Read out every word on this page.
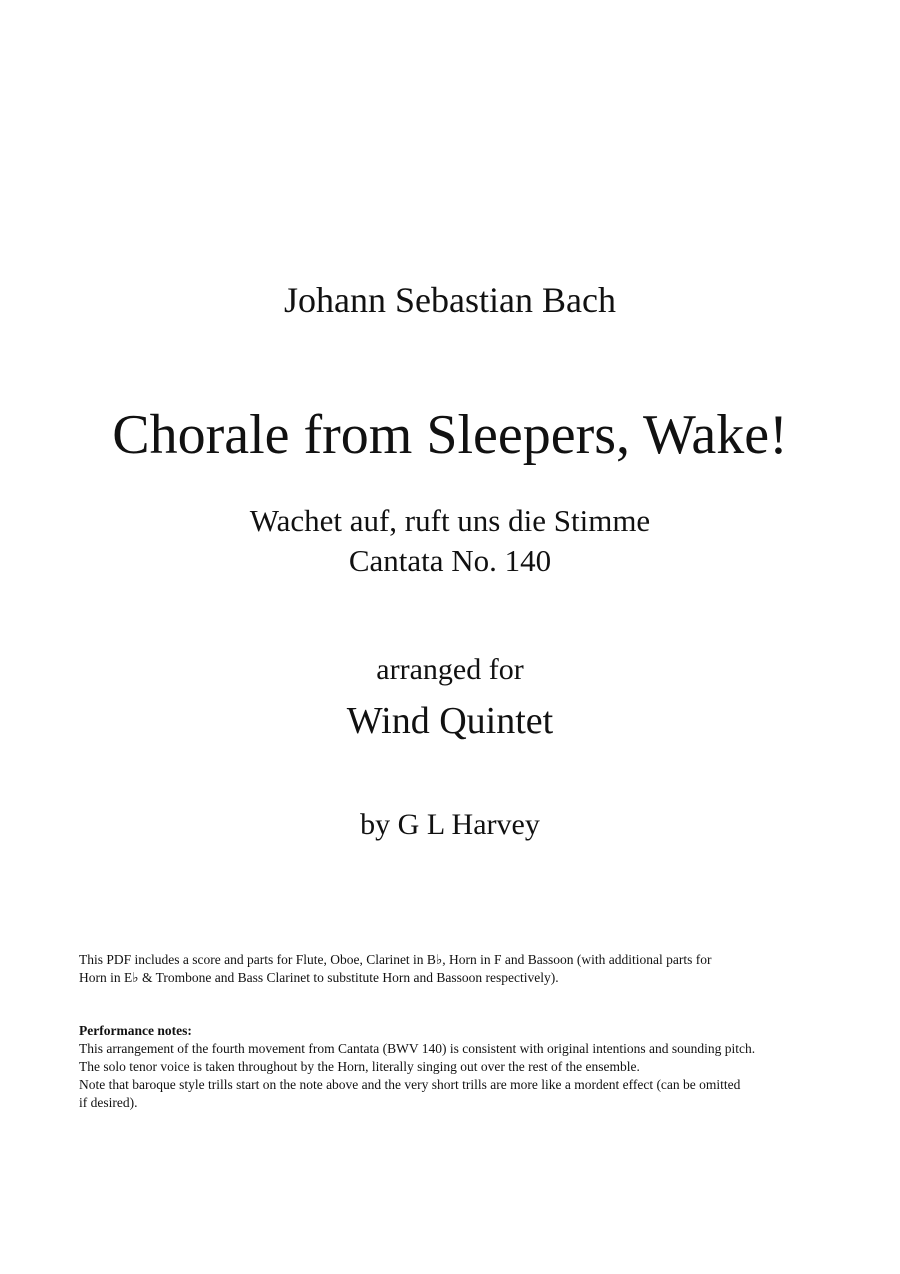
Johann Sebastian Bach
Chorale from Sleepers, Wake!
Wachet auf, ruft uns die Stimme
Cantata No. 140
arranged for
Wind Quintet
by G L Harvey

This PDF includes a score and parts for Flute, Oboe, Clarinet in B♭, Horn in F and Bassoon (with additional parts for

Horn in E♭ & Trombone and Bass Clarinet to substitute Horn and Bassoon respectively).

Performance notes:

This arrangement of the fourth movement from Cantata (BWV 140) is consistent with original intentions and sounding pitch.

The solo tenor voice is taken throughout by the Horn, literally singing out over the rest of the ensemble.

Note that baroque style trills start on the note above and the very short trills are more like a mordent effect (can be omitted

if desired).
